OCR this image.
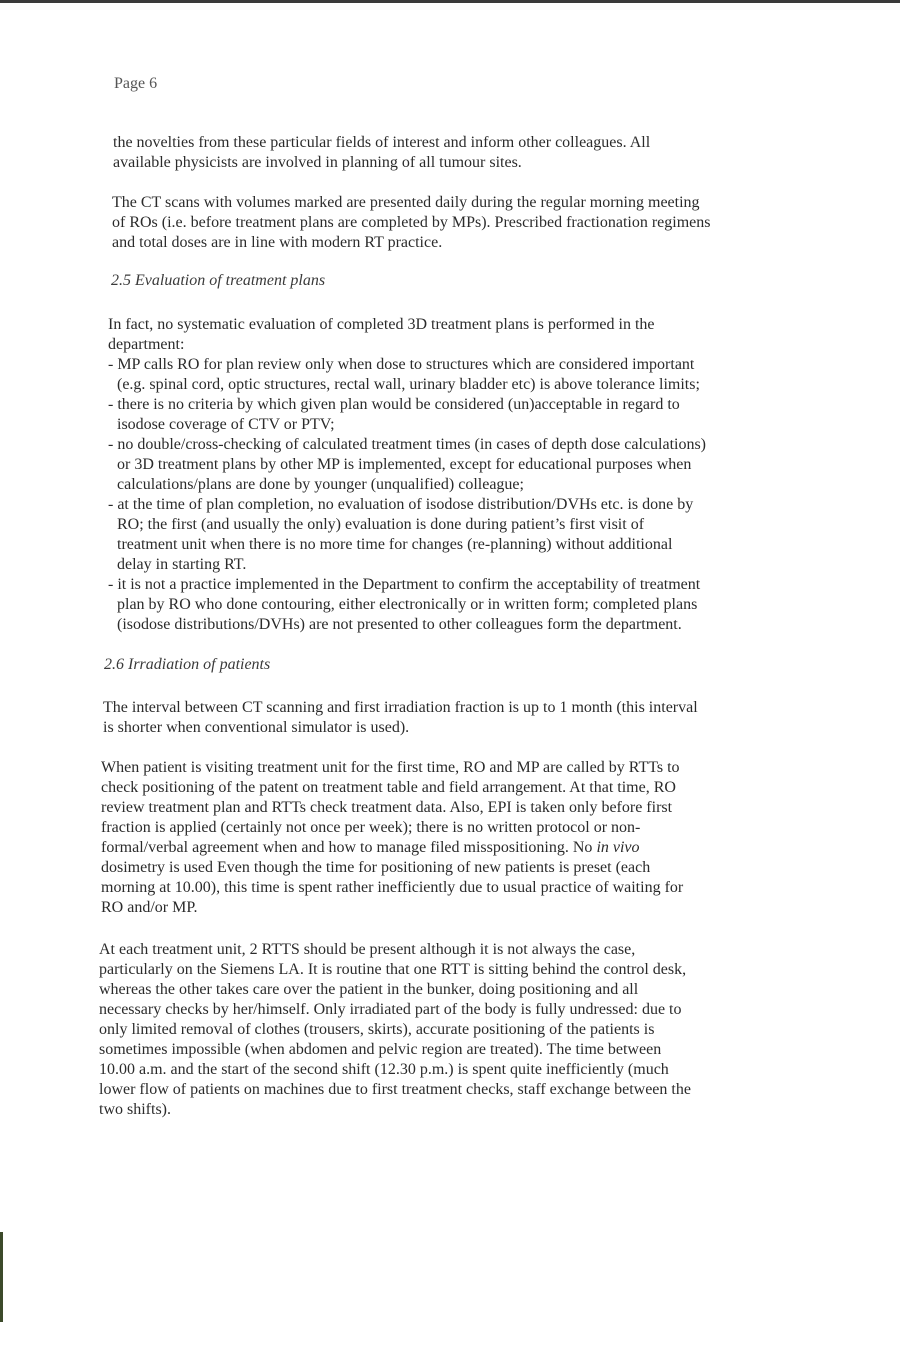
Page 6
the novelties from these particular fields of interest and inform other colleagues. All
available physicists are involved in planning of all tumour sites.
The CT scans with volumes marked are presented daily during the regular morning meeting
of ROs (i.e. before treatment plans are completed by MPs). Prescribed fractionation regimens
and total doses are in line with modern RT practice.
2.5 Evaluation of treatment plans
In fact, no systematic evaluation of completed 3D treatment plans is performed in the
department:
- MP calls RO for plan review only when dose to structures which are considered important
(e.g. spinal cord, optic structures, rectal wall, urinary bladder etc) is above tolerance limits;
- there is no criteria by which given plan would be considered (un)acceptable in regard to
isodose coverage of CTV or PTV;
- no double/cross-checking of calculated treatment times (in cases of depth dose calculations)
or 3D treatment plans by other MP is implemented, except for educational purposes when
calculations/plans are done by younger (unqualified) colleague;
- at the time of plan completion, no evaluation of isodose distribution/DVHs etc. is done by
RO; the first (and usually the only) evaluation is done during patient’s first visit of
treatment unit when there is no more time for changes (re-planning) without additional
delay in starting RT.
- it is not a practice implemented in the Department to confirm the acceptability of treatment
plan by RO who done contouring, either electronically or in written form; completed plans
(isodose distributions/DVHs) are not presented to other colleagues form the department.
2.6 Irradiation of patients
The interval between CT scanning and first irradiation fraction is up to 1 month (this interval
is shorter when conventional simulator is used).
When patient is visiting treatment unit for the first time, RO and MP are called by RTTs to
check positioning of the patent on treatment table and field arrangement. At that time, RO
review treatment plan and RTTs check treatment data. Also, EPI is taken only before first
fraction is applied (certainly not once per week); there is no written protocol or non-
formal/verbal agreement when and how to manage filed misspositioning. No in vivo
dosimetry is used Even though the time for positioning of new patients is preset (each
morning at 10.00), this time is spent rather inefficiently due to usual practice of waiting for
RO and/or MP.
At each treatment unit, 2 RTTS should be present although it is not always the case,
particularly on the Siemens LA. It is routine that one RTT is sitting behind the control desk,
whereas the other takes care over the patient in the bunker, doing positioning and all
necessary checks by her/himself. Only irradiated part of the body is fully undressed: due to
only limited removal of clothes (trousers, skirts), accurate positioning of the patients is
sometimes impossible (when abdomen and pelvic region are treated). The time between
10.00 a.m. and the start of the second shift (12.30 p.m.) is spent quite inefficiently (much
lower flow of patients on machines due to first treatment checks, staff exchange between the
two shifts).
